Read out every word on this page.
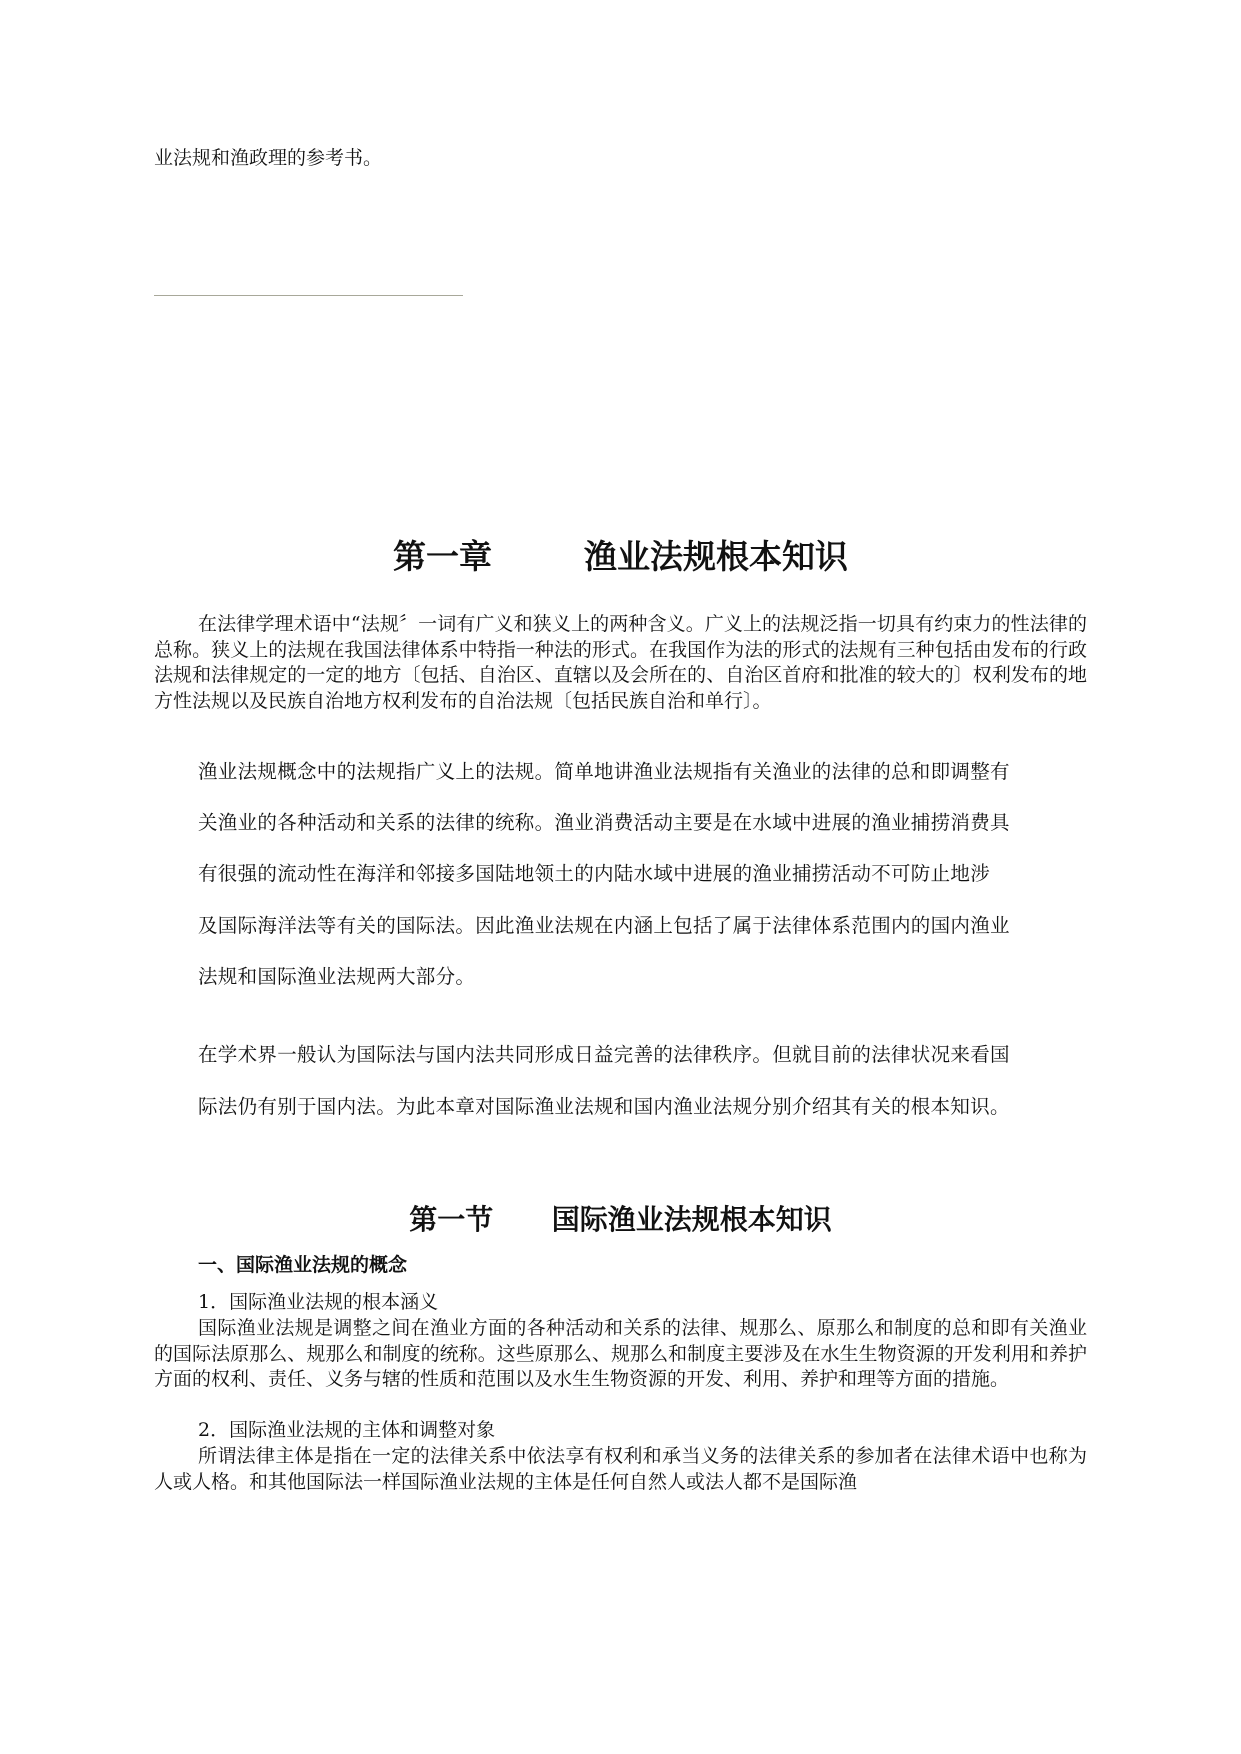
业法规和渔政理的参考书。

第一章        渔业法规根本知识

在法律学理术语中“法规〞一词有广义和狭义上的两种含义。广义上的法规泛指一切具有约束力的性法律的总称。狭义上的法规在我国法律体系中特指一种法的形式。在我国作为法的形式的法规有三种包括由发布的行政法规和法律规定的一定的地方〔包括、自治区、直辖以及会所在的、自治区首府和批准的较大的〕权利发布的地方性法规以及民族自治地方权利发布的自治法规〔包括民族自治和单行〕。

渔业法规概念中的法规指广义上的法规。简单地讲渔业法规指有关渔业的法律的总和即调整有

关渔业的各种活动和关系的法律的统称。渔业消费活动主要是在水域中进展的渔业捕捞消费具

有很强的流动性在海洋和邻接多国陆地领土的内陆水域中进展的渔业捕捞活动不可防止地涉

及国际海洋法等有关的国际法。因此渔业法规在内涵上包括了属于法律体系范围内的国内渔业

法规和国际渔业法规两大部分。

在学术界一般认为国际法与国内法共同形成日益完善的法律秩序。但就目前的法律状况来看国

际法仍有别于国内法。为此本章对国际渔业法规和国内渔业法规分别介绍其有关的根本知识。

第一节      国际渔业法规根本知识

一、国际渔业法规的概念

1．国际渔业法规的根本涵义

国际渔业法规是调整之间在渔业方面的各种活动和关系的法律、规那么、原那么和制度的总和即有关渔业的国际法原那么、规那么和制度的统称。这些原那么、规那么和制度主要涉及在水生生物资源的开发利用和养护方面的权利、责任、义务与辖的性质和范围以及水生生物资源的开发、利用、养护和理等方面的措施。

2．国际渔业法规的主体和调整对象

所谓法律主体是指在一定的法律关系中依法享有权利和承当义务的法律关系的参加者在法律术语中也称为人或人格。和其他国际法一样国际渔业法规的主体是任何自然人或法人都不是国际渔
